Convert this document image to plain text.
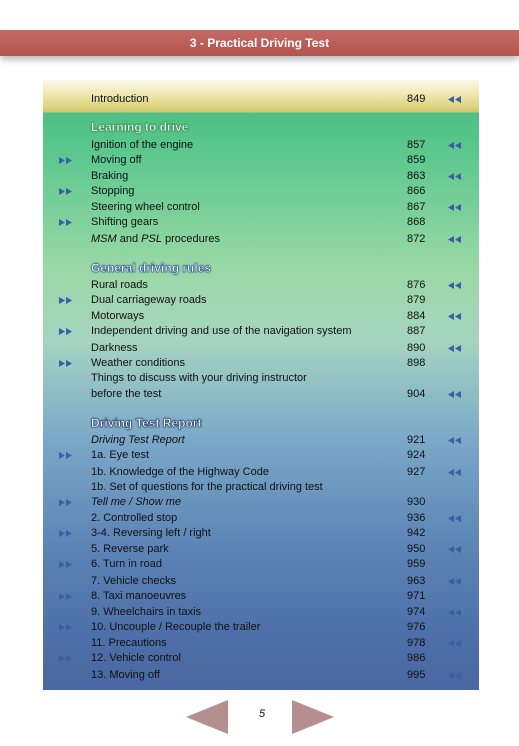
3 - Practical Driving Test
Introduction	849
Learning to drive
Ignition of the engine	857
Moving off	859
Braking	863
Stopping	866
Steering wheel control	867
Shifting gears	868
MSM and PSL procedures	872
General driving rules
Rural roads	876
Dual carriageway roads	879
Motorways	884
Independent driving and use of the navigation system	887
Darkness	890
Weather conditions	898
Things to discuss with your driving instructor
before the test	904
Driving Test Report
Driving Test Report	921
1a. Eye test	924
1b. Knowledge of the Highway Code	927
1b. Set of questions for the practical driving test
Tell me / Show me	930
2. Controlled stop	936
3-4. Reversing left / right	942
5. Reverse park	950
6. Turn in road	959
7. Vehicle checks	963
8. Taxi manoeuvres	971
9. Wheelchairs in taxis	974
10. Uncouple / Recouple the trailer	976
11. Precautions	978
12. Vehicle control	986
13. Moving off	995
5
